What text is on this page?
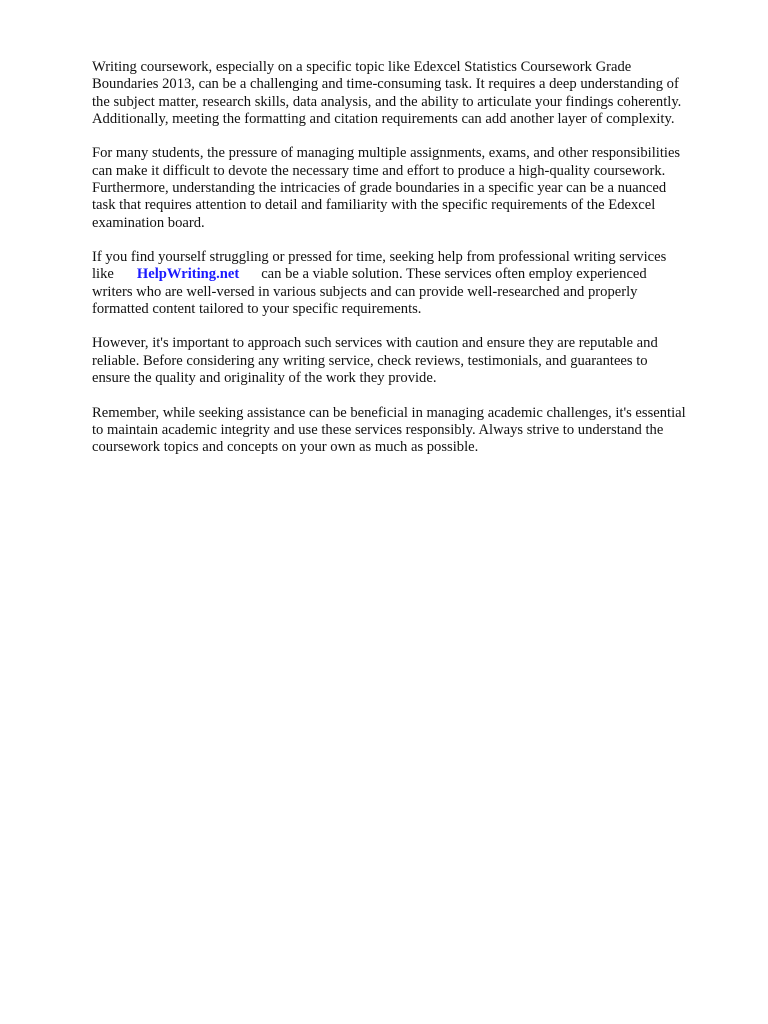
Writing coursework, especially on a specific topic like Edexcel Statistics Coursework Grade
Boundaries 2013, can be a challenging and time-consuming task. It requires a deep understanding of
the subject matter, research skills, data analysis, and the ability to articulate your findings coherently.
Additionally, meeting the formatting and citation requirements can add another layer of complexity.

For many students, the pressure of managing multiple assignments, exams, and other responsibilities
can make it difficult to devote the necessary time and effort to produce a high-quality coursework.
Furthermore, understanding the intricacies of grade boundaries in a specific year can be a nuanced
task that requires attention to detail and familiarity with the specific requirements of the Edexcel
examination board.

If you find yourself struggling or pressed for time, seeking help from professional writing services
like HelpWriting.net can be a viable solution. These services often employ experienced
writers who are well-versed in various subjects and can provide well-researched and properly
formatted content tailored to your specific requirements.

However, it's important to approach such services with caution and ensure they are reputable and
reliable. Before considering any writing service, check reviews, testimonials, and guarantees to
ensure the quality and originality of the work they provide.

Remember, while seeking assistance can be beneficial in managing academic challenges, it's essential
to maintain academic integrity and use these services responsibly. Always strive to understand the
coursework topics and concepts on your own as much as possible.
